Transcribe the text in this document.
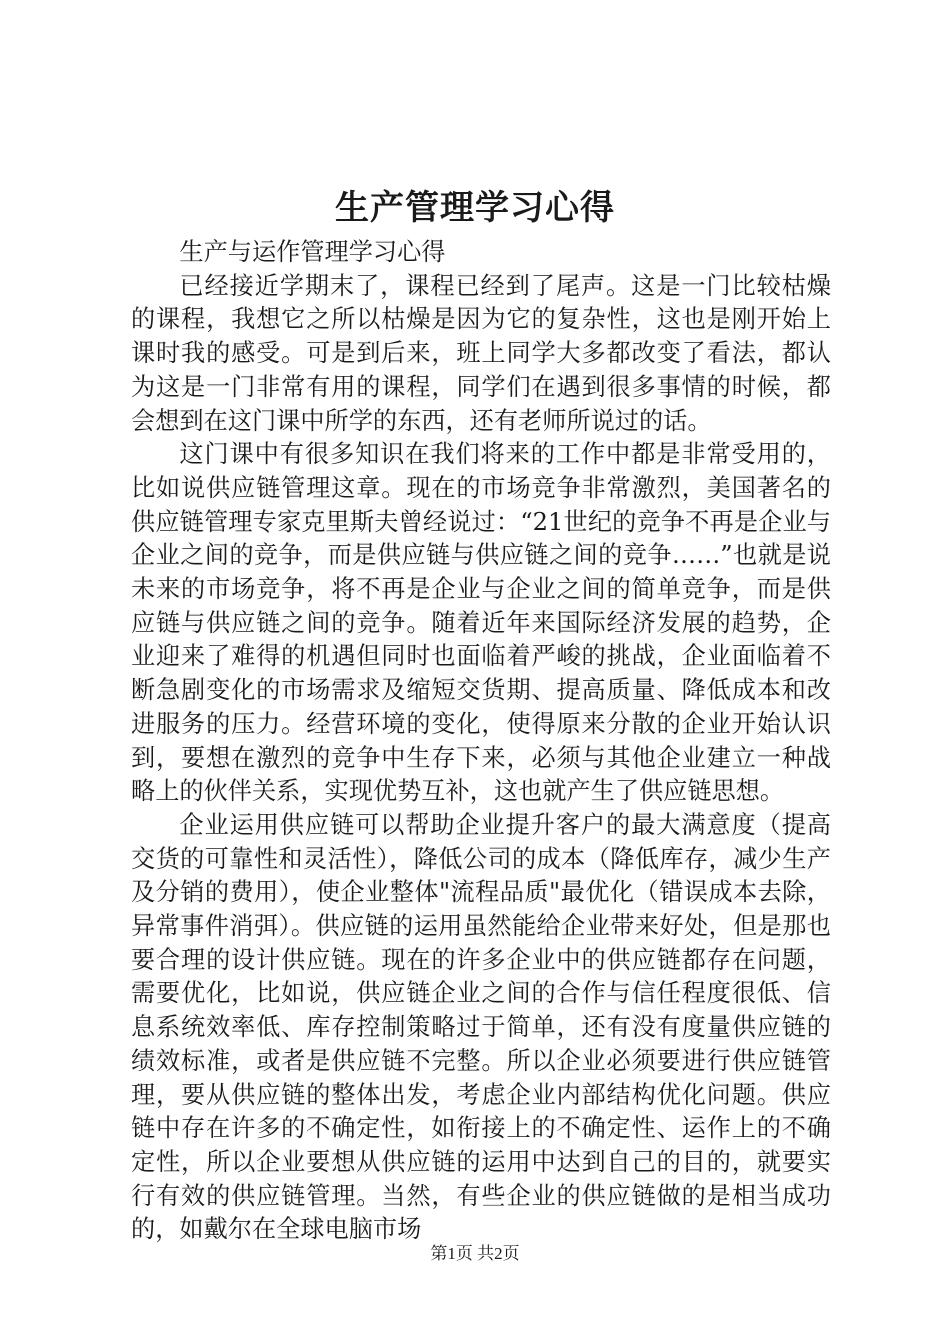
生产管理学习心得

生产与运作管理学习心得

已经接近学期末了，课程已经到了尾声。这是一门比较枯燥的课程，我想它之所以枯燥是因为它的复杂性，这也是刚开始上课时我的感受。可是到后来，班上同学大多都改变了看法，都认为这是一门非常有用的课程，同学们在遇到很多事情的时候，都会想到在这门课中所学的东西，还有老师所说过的话。

这门课中有很多知识在我们将来的工作中都是非常受用的，比如说供应链管理这章。现在的市场竞争非常激烈，美国著名的供应链管理专家克里斯夫曾经说过：“21世纪的竞争不再是企业与企业之间的竞争，而是供应链与供应链之间的竞争……”也就是说未来的市场竞争，将不再是企业与企业之间的简单竞争，而是供应链与供应链之间的竞争。随着近年来国际经济发展的趋势，企业迎来了难得的机遇但同时也面临着严峻的挑战，企业面临着不断急剧变化的市场需求及缩短交货期、提高质量、降低成本和改进服务的压力。经营环境的变化，使得原来分散的企业开始认识到，要想在激烈的竞争中生存下来，必须与其他企业建立一种战略上的伙伴关系，实现优势互补，这也就产生了供应链思想。

企业运用供应链可以帮助企业提升客户的最大满意度（提高交货的可靠性和灵活性），降低公司的成本（降低库存，减少生产及分销的费用），使企业整体"流程品质"最优化（错误成本去除，异常事件消弭）。供应链的运用虽然能给企业带来好处，但是那也要合理的设计供应链。现在的许多企业中的供应链都存在问题，需要优化，比如说，供应链企业之间的合作与信任程度很低、信息系统效率低、库存控制策略过于简单，还有没有度量供应链的绩效标准，或者是供应链不完整。所以企业必须要进行供应链管理，要从供应链的整体出发，考虑企业内部结构优化问题。供应链中存在许多的不确定性，如衔接上的不确定性、运作上的不确定性，所以企业要想从供应链的运用中达到自己的目的，就要实行有效的供应链管理。当然，有些企业的供应链做的是相当成功的，如戴尔在全球电脑市场

第1页 共2页
